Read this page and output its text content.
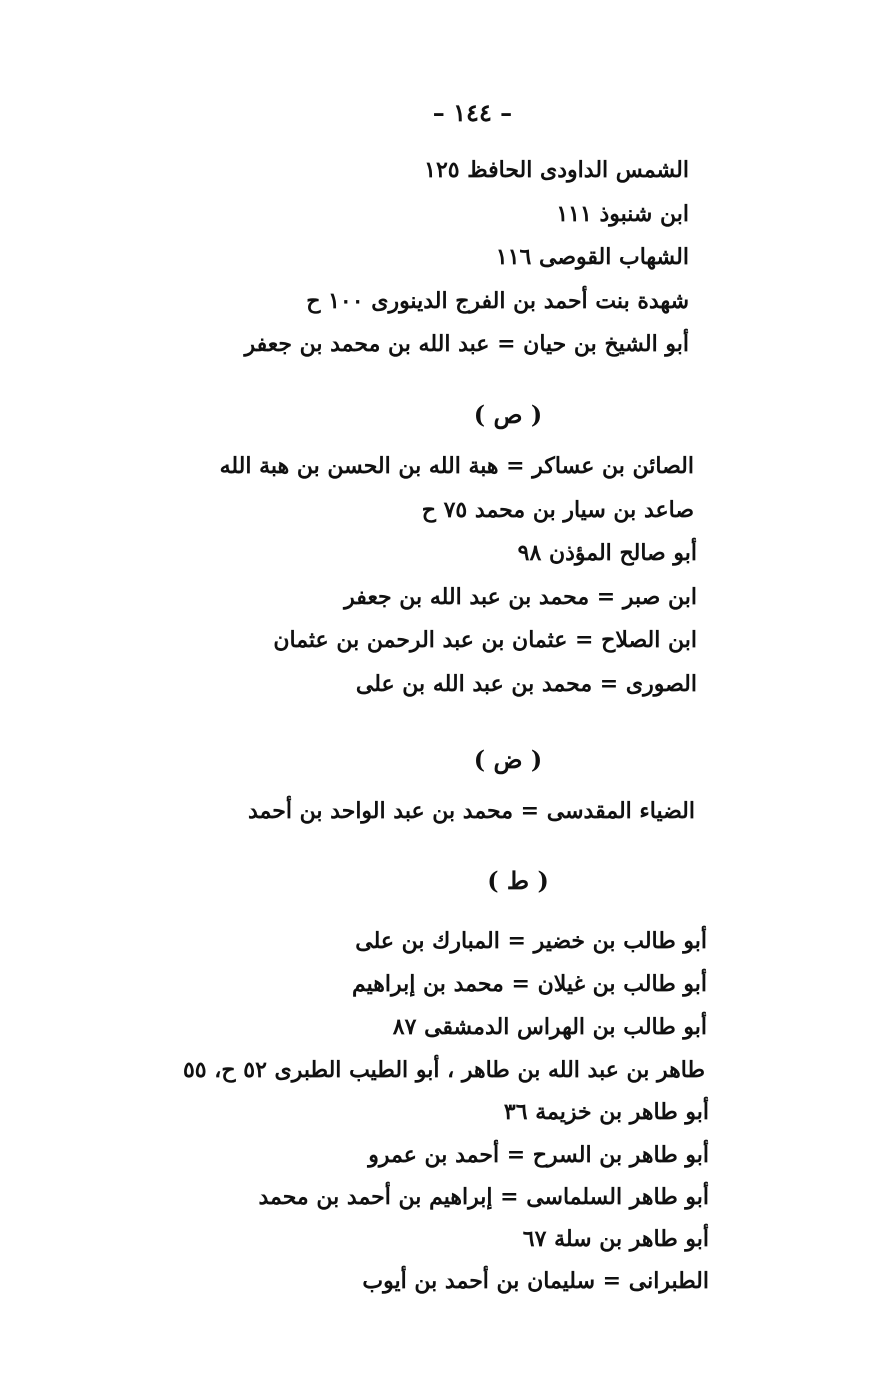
– ١٤٤ –
الشمس الداودى الحافظ ١٢٥
ابن شنبوذ ١١١
الشهاب القوصى ١١٦
شهدة بنت أحمد بن الفرج الدينورى ١٠٠ ح
أبو الشيخ بن حيان = عبد الله بن محمد بن جعفر
( ص )
الصائن بن عساكر = هبة الله بن الحسن بن هبة الله
صاعد بن سيار بن محمد ٧٥ ح
أبو صالح المؤذن ٩٨
ابن صبر = محمد بن عبد الله بن جعفر
ابن الصلاح = عثمان بن عبد الرحمن بن عثمان
الصورى = محمد بن عبد الله بن على
( ض )
الضياء المقدسى = محمد بن عبد الواحد بن أحمد
( ط )
أبو طالب بن خضير = المبارك بن على
أبو طالب بن غيلان = محمد بن إبراهيم
أبو طالب بن الهراس الدمشقى ٨٧
طاهر بن عبد الله بن طاهر ، أبو الطيب الطبرى ٥٢ ح، ٥٥
أبو طاهر بن خزيمة ٣٦
أبو طاهر بن السرح = أحمد بن عمرو
أبو طاهر السلماسى = إبراهيم بن أحمد بن محمد
أبو طاهر بن سلة ٦٧
الطبرانى = سليمان بن أحمد بن أيوب
